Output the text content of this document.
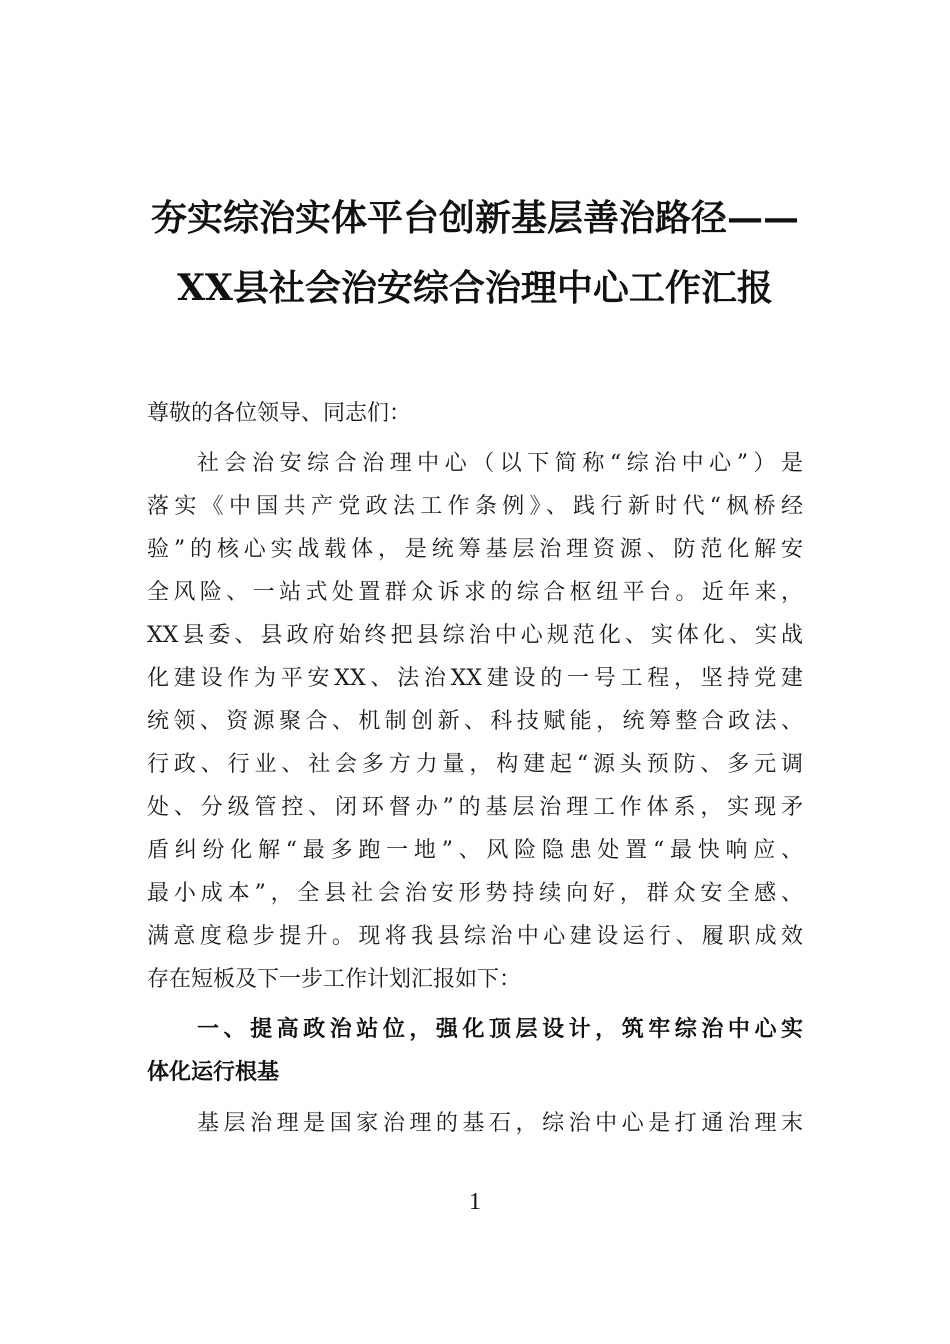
夯实综治实体平台创新基层善治路径——
XX县社会治安综合治理中心工作汇报
尊敬的各位领导、同志们：
社会治安综合治理中心（以下简称“综治中心”）是
落实《中国共产党政法工作条例》、践行新时代“枫桥经
验”的核心实战载体，是统筹基层治理资源、防范化解安
全风险、一站式处置群众诉求的综合枢纽平台。近年来，
XX县委、县政府始终把县综治中心规范化、实体化、实战
化建设作为平安XX、法治XX建设的一号工程，坚持党建
统领、资源聚合、机制创新、科技赋能，统筹整合政法、
行政、行业、社会多方力量，构建起“源头预防、多元调
处、分级管控、闭环督办”的基层治理工作体系，实现矛
盾纠纷化解“最多跑一地”、风险隐患处置“最快响应、
最小成本”，全县社会治安形势持续向好，群众安全感、
满意度稳步提升。现将我县综治中心建设运行、履职成效
存在短板及下一步工作计划汇报如下：
一、提高政治站位，强化顶层设计，筑牢综治中心实
体化运行根基
基层治理是国家治理的基石，综治中心是打通治理末
1
